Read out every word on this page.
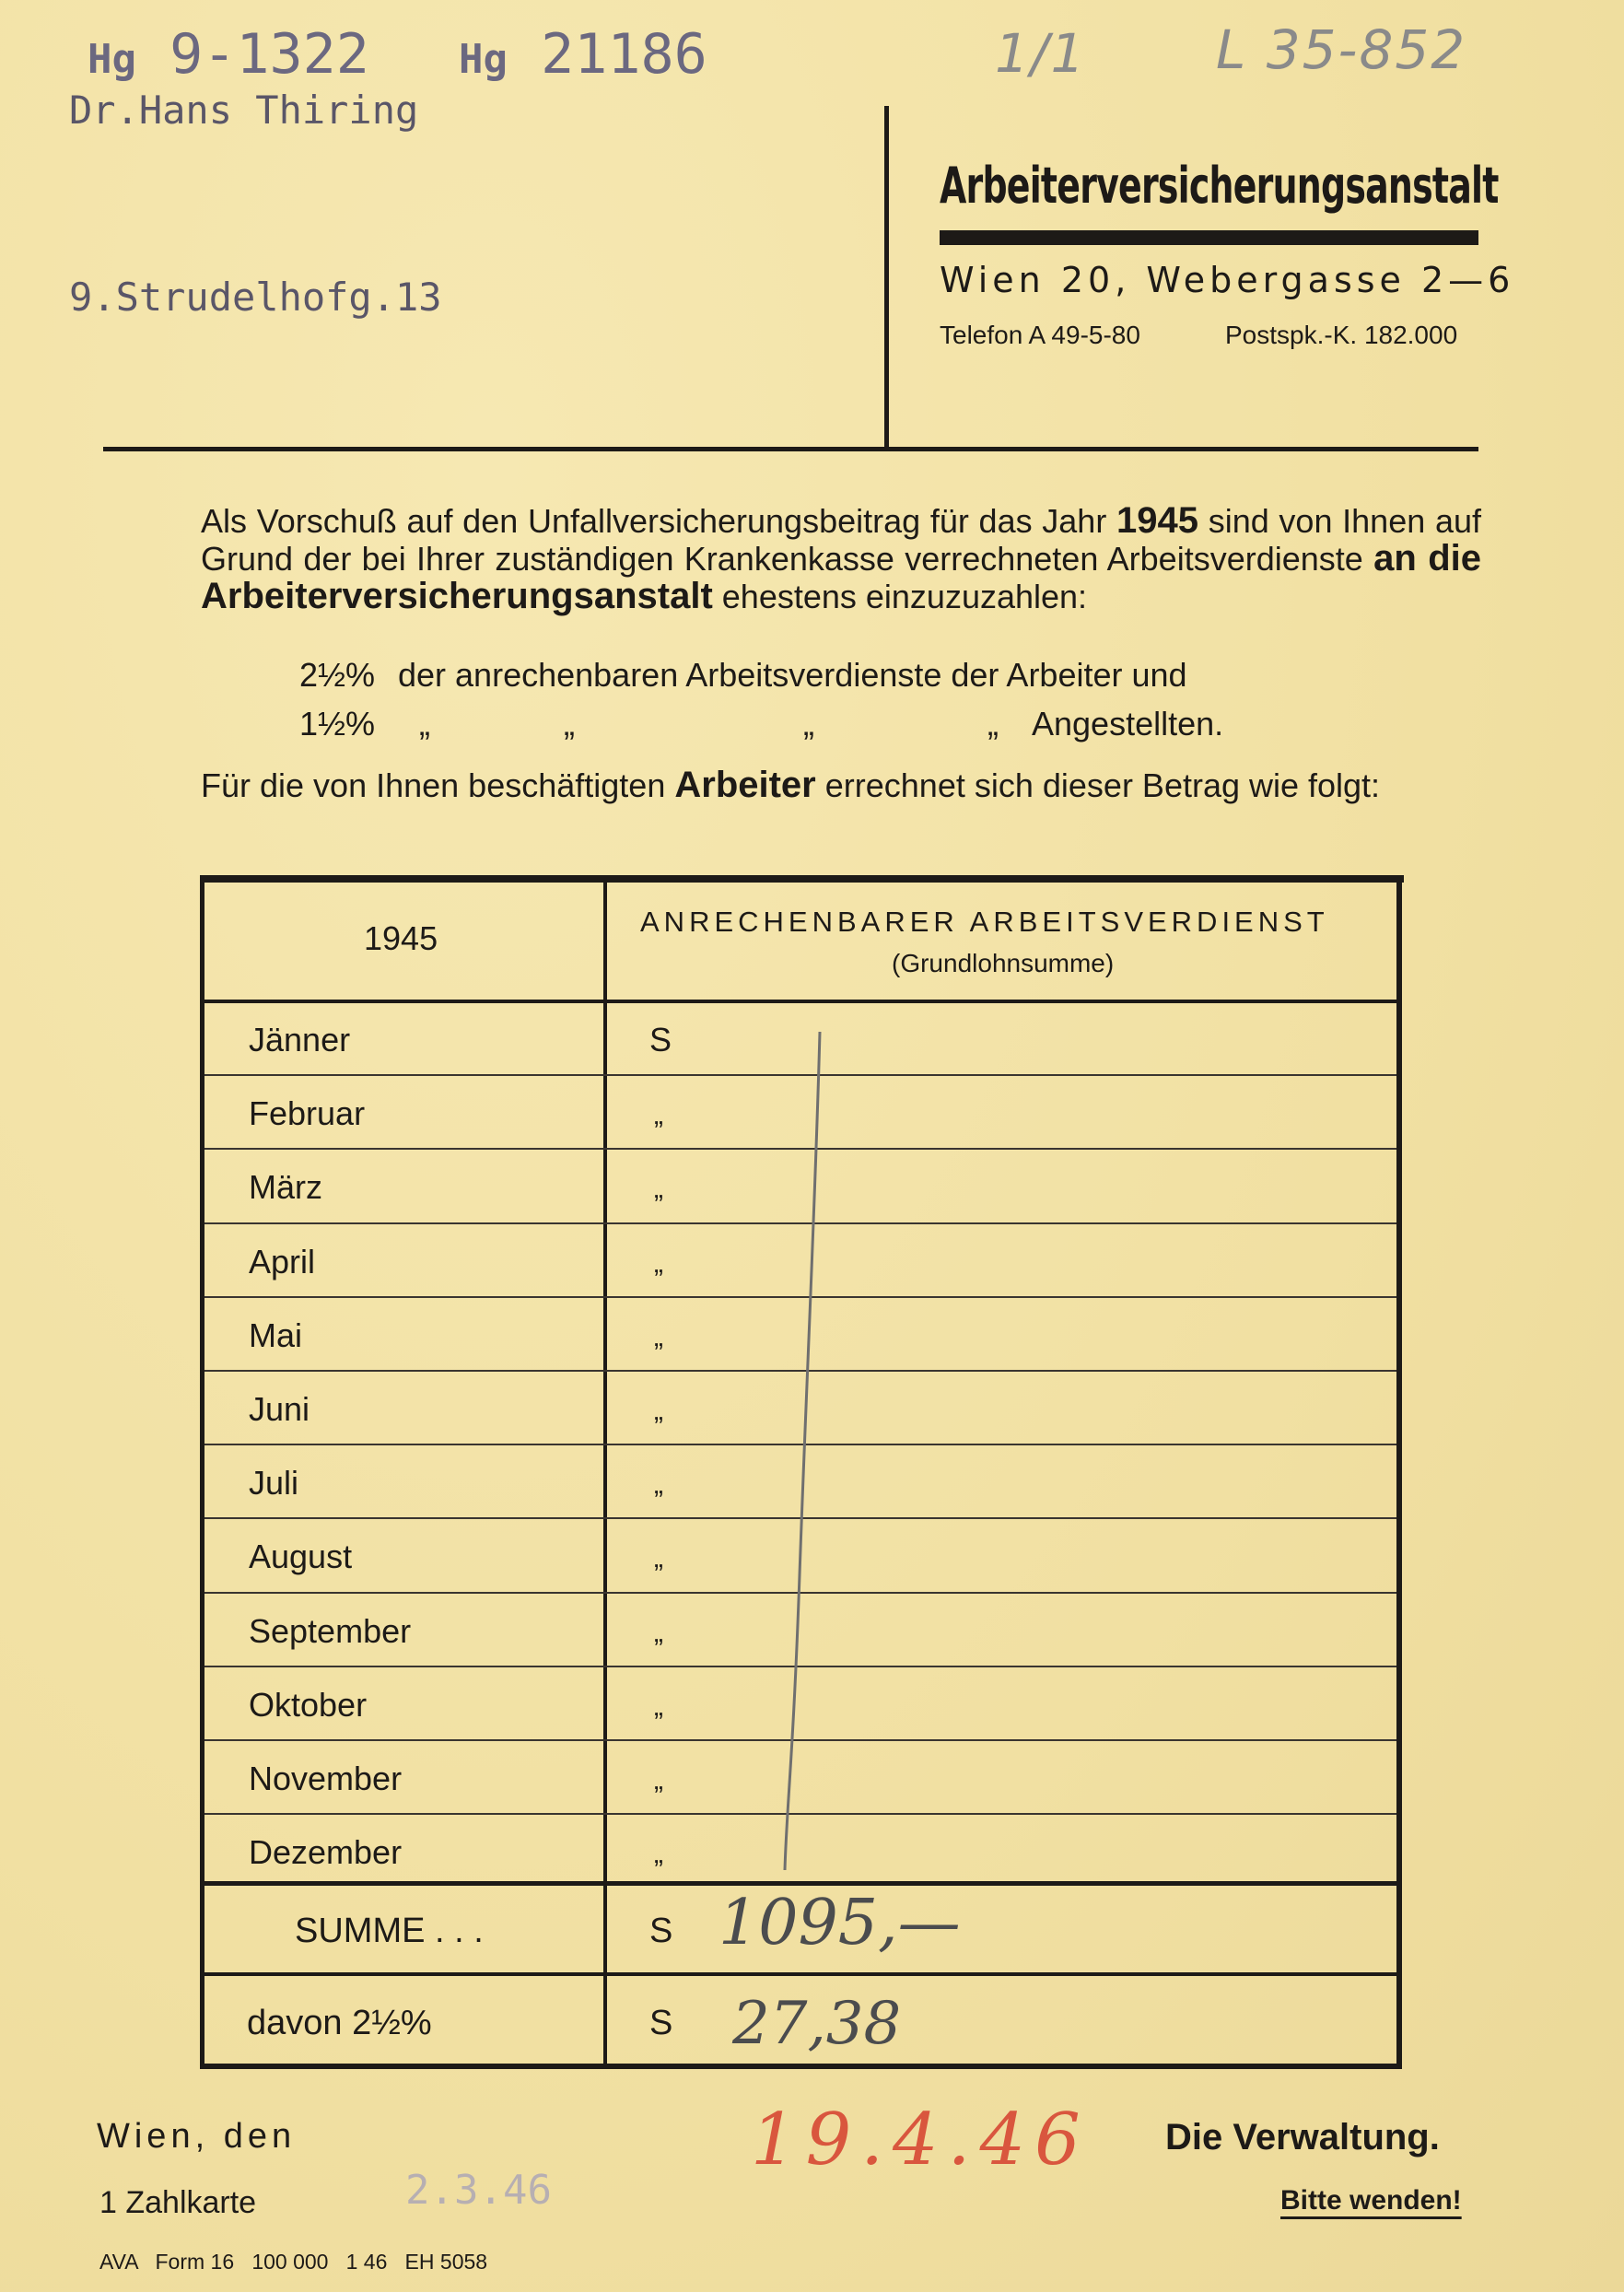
Hg 9-1322 Hg 21186	1/1 L 35-852
Dr.Hans Thiring
9.Strudelhofg.13
Arbeiterversicherungsanstalt
Wien 20, Webergasse 2—6
Telefon A 49-5-80	Postspk.-K. 182.000
Als Vorschuß auf den Unfallversicherungsbeitrag für das Jahr 1945 sind von Ihnen auf Grund der bei Ihrer zuständigen Krankenkasse verrechneten Arbeitsverdienste an die Arbeiterversicherungsanstalt ehestens einzuzuzahlen:
2½% der anrechenbaren Arbeitsverdienste der Arbeiter und
1½% „	„	„	„ Angestellten.
Für die von Ihnen beschäftigten Arbeiter errechnet sich dieser Betrag wie folgt:
1945	ANRECHENBARER ARBEITSVERDIENST
(Grundlohnsumme)
Jänner	S
Februar	„
März	„
April	„
Mai	„
Juni	„
Juli	„
August	„
September	„
Oktober	„
November	„
Dezember	„
SUMME . . .	S 1095,—
davon 2½%	S 27,38
Wien, den	19.4.46
1 Zahlkarte	2.3.46
Die Verwaltung.
Bitte wenden!
AVA   Form 16   100 000   1 46   EH 5058
